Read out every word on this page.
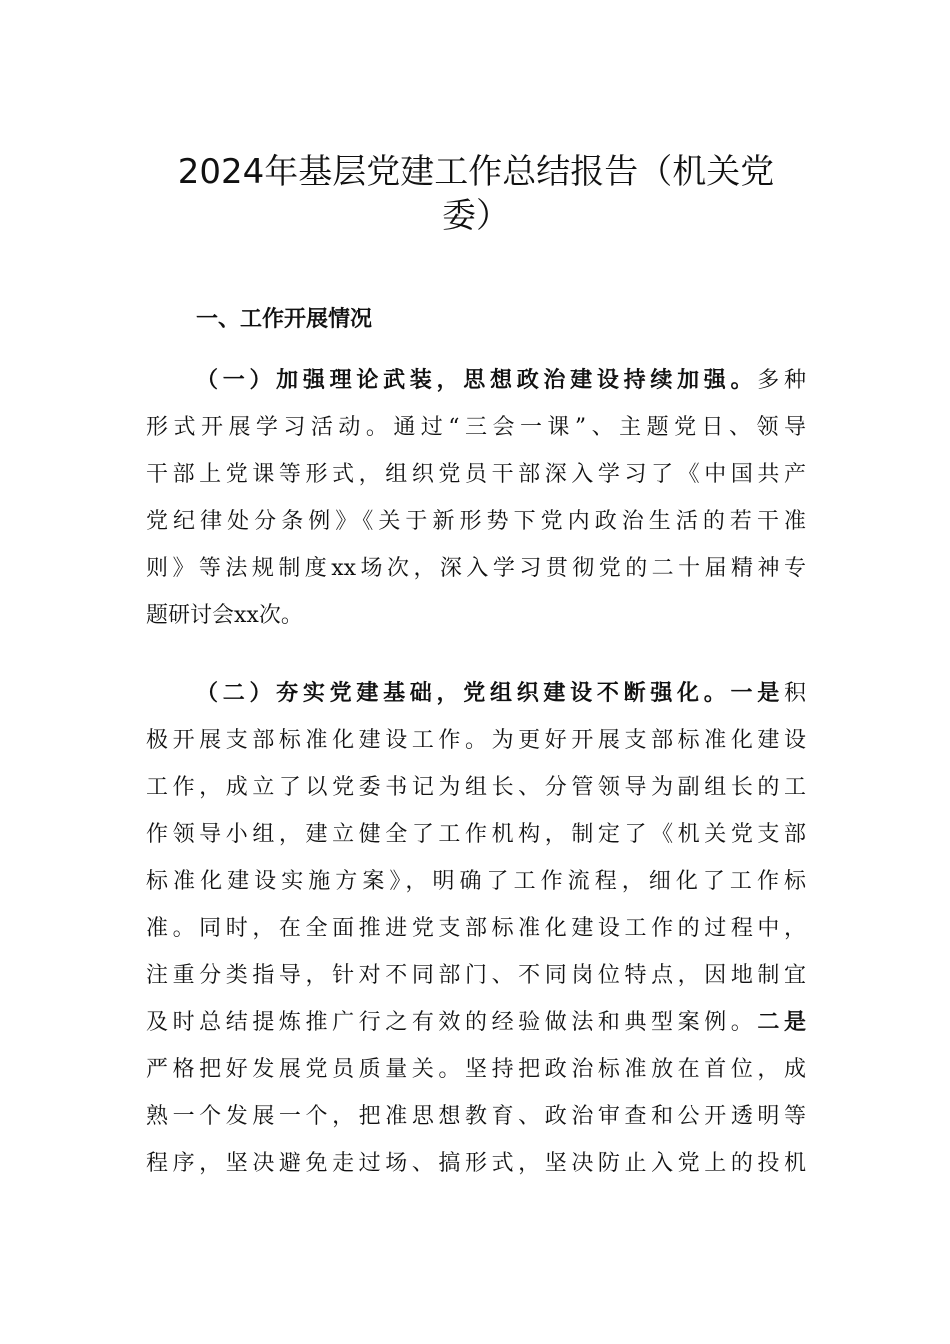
2024年基层党建工作总结报告（机关党
委）
一、工作开展情况
（一）加强理论武装，思想政治建设持续加强。多种
形式开展学习活动。通过“三会一课”、主题党日、领导
干部上党课等形式，组织党员干部深入学习了《中国共产
党纪律处分条例》《关于新形势下党内政治生活的若干准
则》等法规制度xx场次，深入学习贯彻党的二十届精神专
题研讨会xx次。
（二）夯实党建基础，党组织建设不断强化。一是积
极开展支部标准化建设工作。为更好开展支部标准化建设
工作，成立了以党委书记为组长、分管领导为副组长的工
作领导小组，建立健全了工作机构，制定了《机关党支部
标准化建设实施方案》，明确了工作流程，细化了工作标
准。同时，在全面推进党支部标准化建设工作的过程中，
注重分类指导，针对不同部门、不同岗位特点，因地制宜
及时总结提炼推广行之有效的经验做法和典型案例。二是
严格把好发展党员质量关。坚持把政治标准放在首位，成
熟一个发展一个，把准思想教育、政治审查和公开透明等
程序，坚决避免走过场、搞形式，坚决防止入党上的投机
